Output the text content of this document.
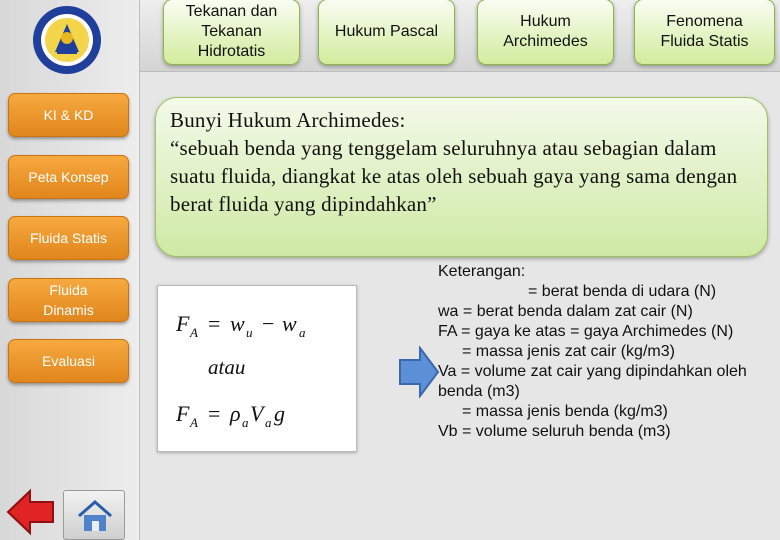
KI & KD
Peta Konsep
Fluida Statis
Fluida Dinamis
Evaluasi
Tekanan dan Tekanan Hidrotatis
Hukum Pascal
Hukum Archimedes
Fenomena Fluida Statis
Bunyi Hukum Archimedes:
“sebuah benda yang tenggelam seluruhnya atau sebagian dalam suatu fluida, diangkat ke atas oleh sebuah gaya yang sama dengan berat fluida yang dipindahkan”
F A = w u − w a
F A = ρ a V a g
atau
Keterangan:
= berat benda di udara (N)
wa = berat benda dalam zat cair (N)
FA = gaya ke atas = gaya Archimedes (N)
= massa jenis zat cair (kg/m3)
Va = volume zat cair yang dipindahkan oleh benda (m3)
= massa jenis benda (kg/m3)
Vb = volume seluruh benda (m3)
